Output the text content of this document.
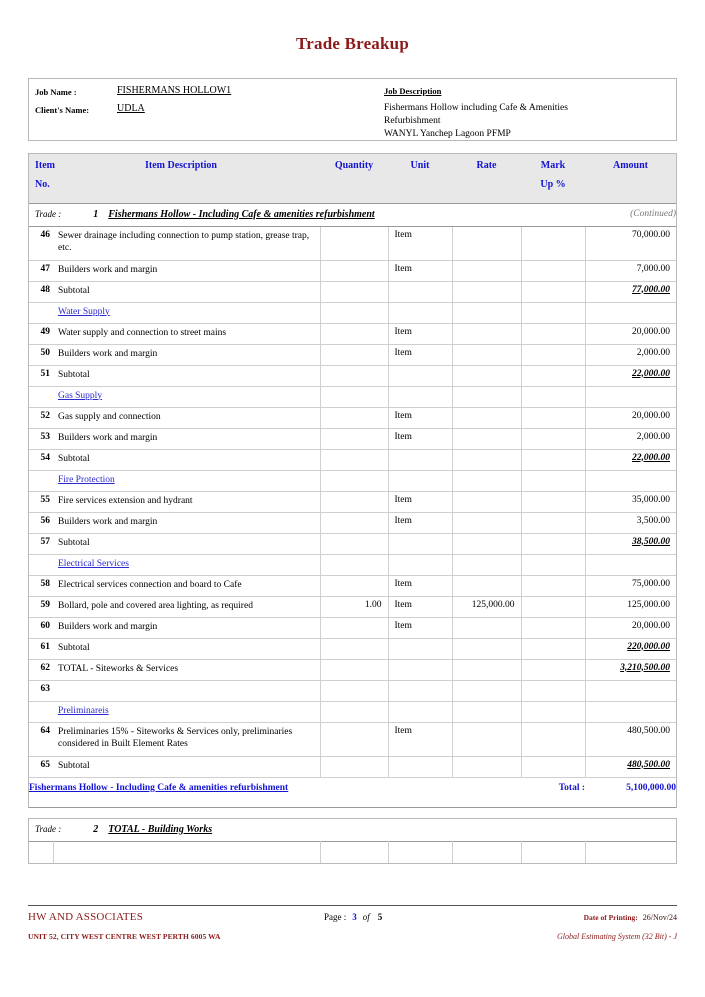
Trade Breakup
Job Name :	FISHERMANS HOLLOW1
Client's Name:	UDLA
Job Description
Fishermans Hollow including Cafe & Amenities
Refurbishment
WANYL Yanchep Lagoon PFMP
Item Item Description		Quantity	Unit	Rate	Mark	Amount
No.					Up %	
Trade : 1 Fishermans Hollow - Including Cafe & amenities refurbishment						(Continued)
46	Sewer drainage including connection to pump station, grease trap, etc.		Item			70,000.00
47	Builders work and margin		Item			7,000.00
48	Subtotal					77,000.00
	Water Supply					
49	Water supply and connection to street mains		Item			20,000.00
50	Builders work and margin		Item			2,000.00
51	Subtotal					22,000.00
	Gas Supply					
52	Gas supply and connection		Item			20,000.00
53	Builders work and margin		Item			2,000.00
54	Subtotal					22,000.00
	Fire Protection					
55	Fire services extension and hydrant		Item			35,000.00
56	Builders work and margin		Item			3,500.00
57	Subtotal					38,500.00
	Electrical Services					
58	Electrical services connection and board to Cafe		Item			75,000.00
59	Bollard, pole and covered area lighting, as required	1.00	Item	125,000.00		125,000.00
60	Builders work and margin		Item			20,000.00
61	Subtotal					220,000.00
62	TOTAL - Siteworks & Services					3,210,500.00
63						
	Preliminareis					
64	Preliminaries 15% - Siteworks & Services only, preliminaries considered in Built Element Rates		Item			480,500.00
65	Subtotal					480,500.00
Fishermans Hollow - Including Cafe & amenities refurbishment					Total :	5,100,000.00
Trade :	2 TOTAL - Building Works

HW AND ASSOCIATES	Page : 3 of 5	Date of Printing: 26/Nov/24
UNIT 52, CITY WEST CENTRE WEST PERTH 6005 WA	Global Estimating System (32 Bit) - J
